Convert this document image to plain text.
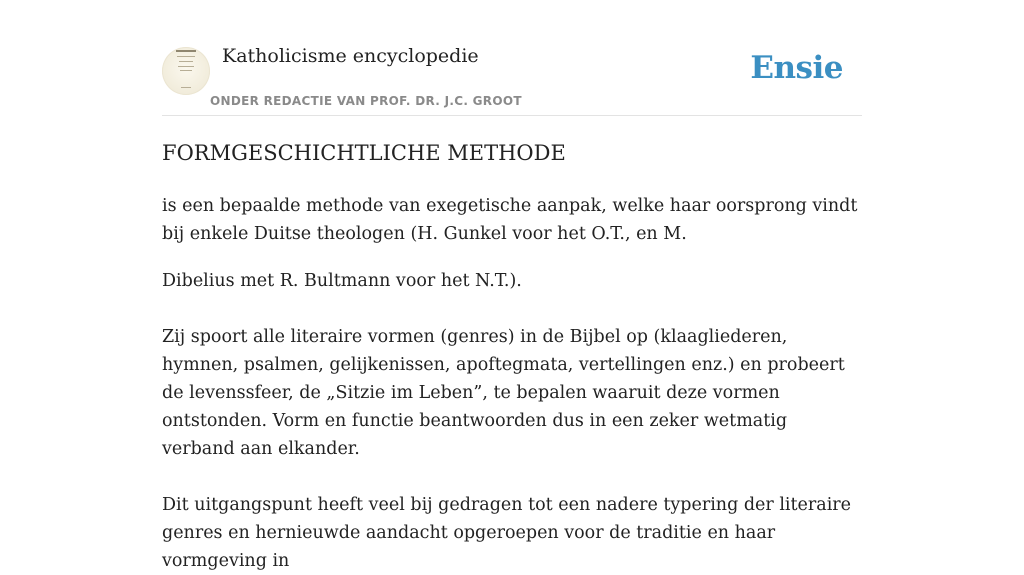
Katholicisme encyclopedie
ONDER REDACTIE VAN PROF. DR. J.C. GROOT
Ensie
FORMGESCHICHTLICHE METHODE

is een bepaalde methode van exegetische aanpak, welke haar oorsprong vindt bij enkele Duitse theologen (H. Gunkel voor het O.T., en M.

Dibelius met R. Bultmann voor het N.T.).

Zij spoort alle literaire vormen (genres) in de Bijbel op (klaagliederen, hymnen, psalmen, gelijkenissen, apoftegmata, vertellingen enz.) en probeert de levenssfeer, de „Sitzie im Leben”, te bepalen waaruit deze vormen ontstonden. Vorm en functie beantwoorden dus in een zeker wetmatig verband aan elkander.

Dit uitgangspunt heeft veel bij gedragen tot een nadere typering der literaire genres en hernieuwde aandacht opgeroepen voor de traditie en haar vormgeving in
